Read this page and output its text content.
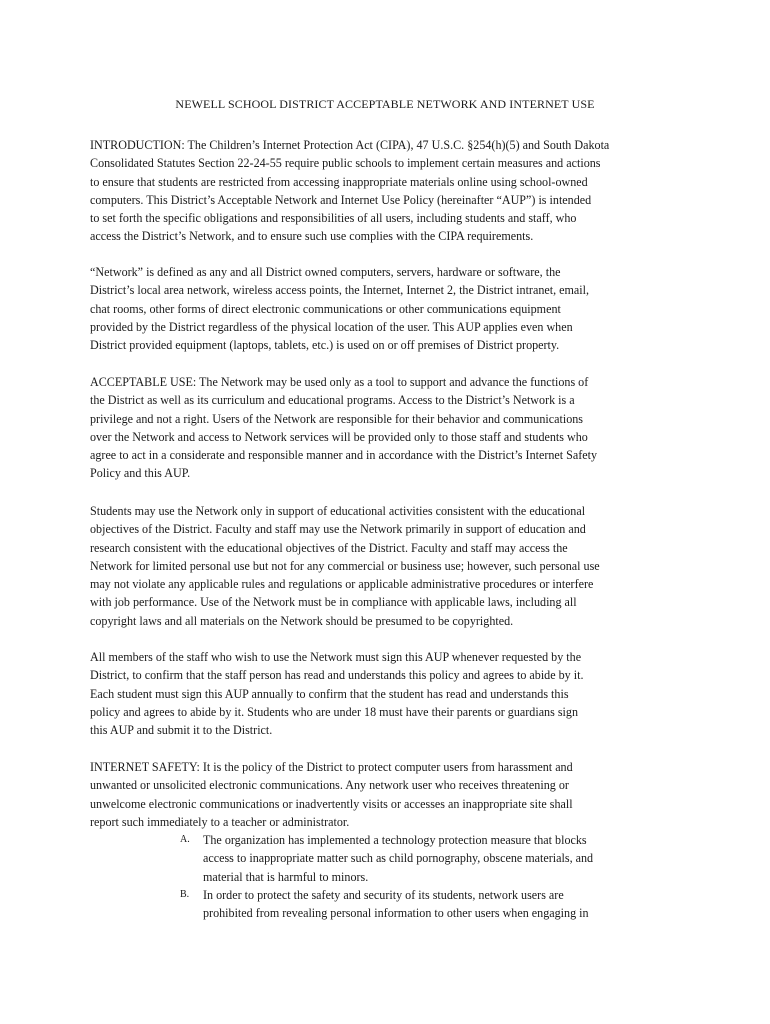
NEWELL SCHOOL DISTRICT ACCEPTABLE NETWORK AND INTERNET USE
INTRODUCTION: The Children’s Internet Protection Act (CIPA), 47 U.S.C. §254(h)(5) and South Dakota
Consolidated Statutes Section 22-24-55 require public schools to implement certain measures and actions
to ensure that students are restricted from accessing inappropriate materials online using school-owned
computers. This District’s Acceptable Network and Internet Use Policy (hereinafter “AUP”) is intended
to set forth the specific obligations and responsibilities of all users, including students and staff, who
access the District’s Network, and to ensure such use complies with the CIPA requirements.
“Network” is defined as any and all District owned computers, servers, hardware or software, the
District’s local area network, wireless access points, the Internet, Internet 2, the District intranet, email,
chat rooms, other forms of direct electronic communications or other communications equipment
provided by the District regardless of the physical location of the user. This AUP applies even when
District provided equipment (laptops, tablets, etc.) is used on or off premises of District property.
ACCEPTABLE USE: The Network may be used only as a tool to support and advance the functions of
the District as well as its curriculum and educational programs. Access to the District’s Network is a
privilege and not a right. Users of the Network are responsible for their behavior and communications
over the Network and access to Network services will be provided only to those staff and students who
agree to act in a considerate and responsible manner and in accordance with the District’s Internet Safety
Policy and this AUP.
Students may use the Network only in support of educational activities consistent with the educational
objectives of the District. Faculty and staff may use the Network primarily in support of education and
research consistent with the educational objectives of the District. Faculty and staff may access the
Network for limited personal use but not for any commercial or business use; however, such personal use
may not violate any applicable rules and regulations or applicable administrative procedures or interfere
with job performance. Use of the Network must be in compliance with applicable laws, including all
copyright laws and all materials on the Network should be presumed to be copyrighted.
All members of the staff who wish to use the Network must sign this AUP whenever requested by the
District, to confirm that the staff person has read and understands this policy and agrees to abide by it.
Each student must sign this AUP annually to confirm that the student has read and understands this
policy and agrees to abide by it. Students who are under 18 must have their parents or guardians sign
this AUP and submit it to the District.
INTERNET SAFETY: It is the policy of the District to protect computer users from harassment and
unwanted or unsolicited electronic communications. Any network user who receives threatening or
unwelcome electronic communications or inadvertently visits or accesses an inappropriate site shall
report such immediately to a teacher or administrator.
A. The organization has implemented a technology protection measure that blocks
access to inappropriate matter such as child pornography, obscene materials, and
material that is harmful to minors.
B. In order to protect the safety and security of its students, network users are
prohibited from revealing personal information to other users when engaging in
